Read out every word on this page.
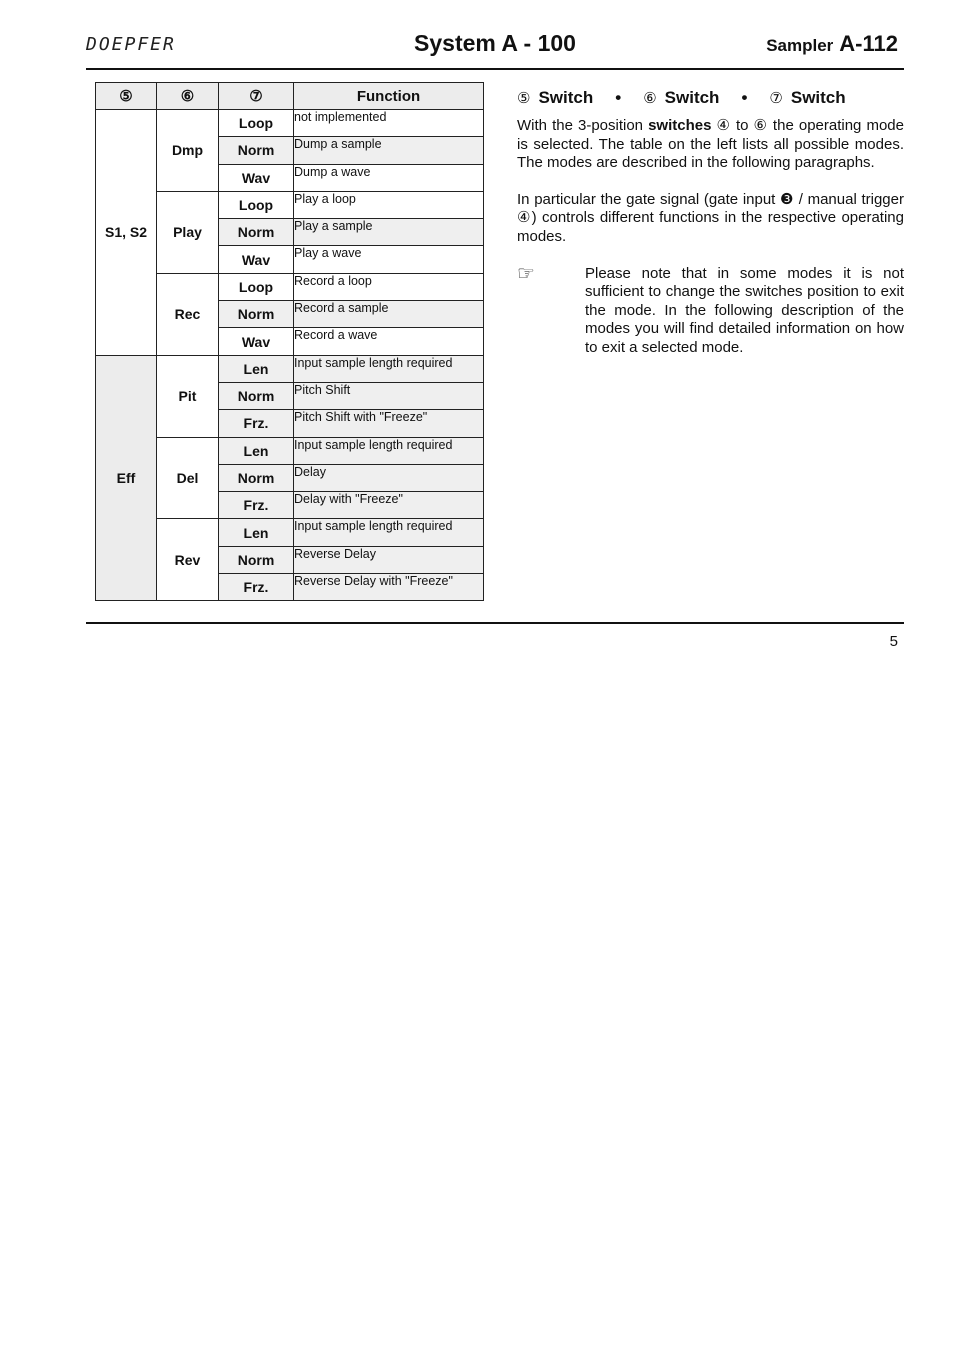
DOEPFER	System A - 100	Sampler A-112
⑤	⑥	⑦	Function
S1, S2	Dmp	Loop	not implemented
		Norm	Dump a sample
		Wav	Dump a wave
	Play	Loop	Play a loop
		Norm	Play a sample
		Wav	Play a wave
	Rec	Loop	Record a loop
		Norm	Record a sample
		Wav	Record a wave
Eff	Pit	Len	Input sample length required
		Norm	Pitch Shift
		Frz.	Pitch Shift with "Freeze"
	Del	Len	Input sample length required
		Norm	Delay
		Frz.	Delay with "Freeze"
	Rev	Len	Input sample length required
		Norm	Reverse Delay
		Frz.	Reverse Delay with "Freeze"
⑤ Switch • ⑥ Switch • ⑦ Switch

With the 3-position switches ④ to ⑥ the operating mode is selected. The table on the left lists all possible modes. The modes are described in the following paragraphs.

In particular the gate signal (gate input ❸ / manual trigger ④) controls different functions in the respective operating modes.

☞	Please note that in some modes it is not sufficient to change the switches position to exit the mode. In the following description of the modes you will find detailed information on how to exit a selected mode.

5
